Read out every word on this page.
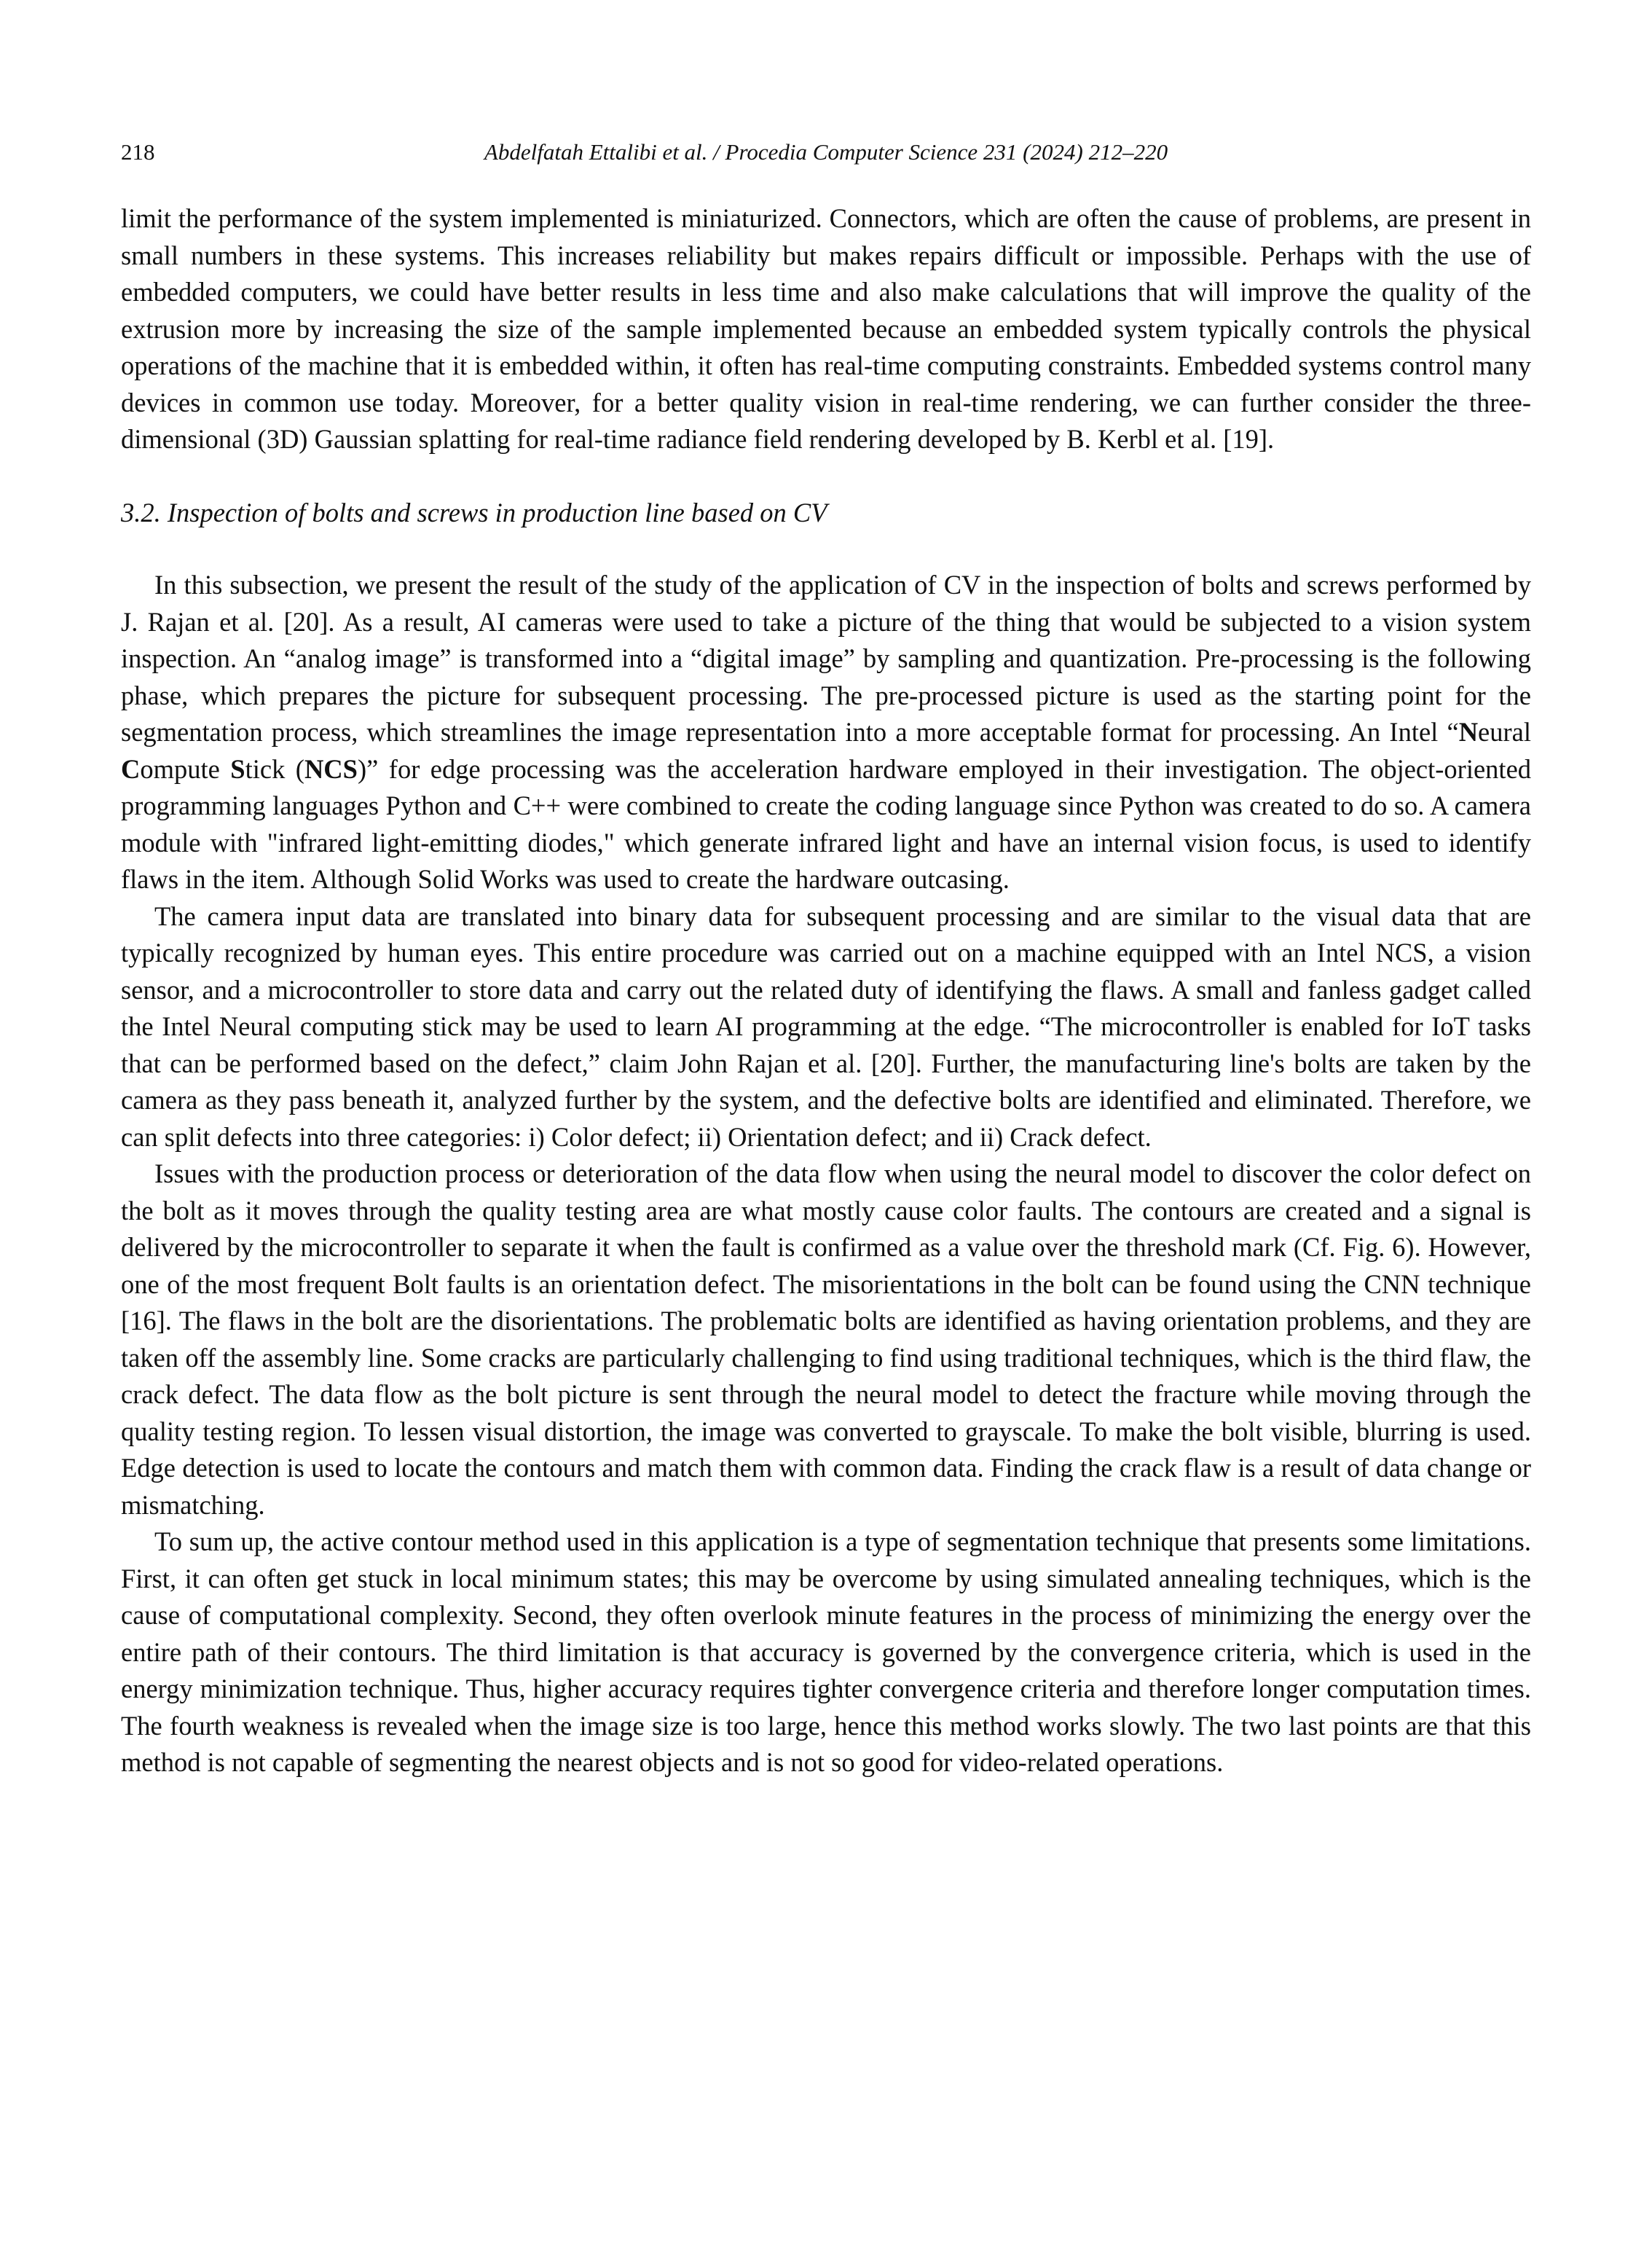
218	Abdelfatah Ettalibi et al. / Procedia Computer Science 231 (2024) 212–220

limit the performance of the system implemented is miniaturized. Connectors, which are often the cause of problems, are present in small numbers in these systems. This increases reliability but makes repairs difficult or impossible. Perhaps with the use of embedded computers, we could have better results in less time and also make calculations that will improve the quality of the extrusion more by increasing the size of the sample implemented because an embedded system typically controls the physical operations of the machine that it is embedded within, it often has real-time computing constraints. Embedded systems control many devices in common use today. Moreover, for a better quality vision in real-time rendering, we can further consider the three-dimensional (3D) Gaussian splatting for real-time radiance field rendering developed by B. Kerbl et al. [19].

3.2. Inspection of bolts and screws in production line based on CV

In this subsection, we present the result of the study of the application of CV in the inspection of bolts and screws performed by J. Rajan et al. [20]. As a result, AI cameras were used to take a picture of the thing that would be subjected to a vision system inspection. An “analog image” is transformed into a “digital image” by sampling and quantization. Pre-processing is the following phase, which prepares the picture for subsequent processing. The pre-processed picture is used as the starting point for the segmentation process, which streamlines the image representation into a more acceptable format for processing. An Intel “Neural Compute Stick (NCS)” for edge processing was the acceleration hardware employed in their investigation. The object-oriented programming languages Python and C++ were combined to create the coding language since Python was created to do so. A camera module with "infrared light-emitting diodes," which generate infrared light and have an internal vision focus, is used to identify flaws in the item. Although Solid Works was used to create the hardware outcasing.

The camera input data are translated into binary data for subsequent processing and are similar to the visual data that are typically recognized by human eyes. This entire procedure was carried out on a machine equipped with an Intel NCS, a vision sensor, and a microcontroller to store data and carry out the related duty of identifying the flaws. A small and fanless gadget called the Intel Neural computing stick may be used to learn AI programming at the edge. “The microcontroller is enabled for IoT tasks that can be performed based on the defect,” claim John Rajan et al. [20]. Further, the manufacturing line's bolts are taken by the camera as they pass beneath it, analyzed further by the system, and the defective bolts are identified and eliminated. Therefore, we can split defects into three categories: i) Color defect; ii) Orientation defect; and ii) Crack defect.

Issues with the production process or deterioration of the data flow when using the neural model to discover the color defect on the bolt as it moves through the quality testing area are what mostly cause color faults. The contours are created and a signal is delivered by the microcontroller to separate it when the fault is confirmed as a value over the threshold mark (Cf. Fig. 6). However, one of the most frequent Bolt faults is an orientation defect. The misorientations in the bolt can be found using the CNN technique [16]. The flaws in the bolt are the disorientations. The problematic bolts are identified as having orientation problems, and they are taken off the assembly line. Some cracks are particularly challenging to find using traditional techniques, which is the third flaw, the crack defect. The data flow as the bolt picture is sent through the neural model to detect the fracture while moving through the quality testing region. To lessen visual distortion, the image was converted to grayscale. To make the bolt visible, blurring is used. Edge detection is used to locate the contours and match them with common data. Finding the crack flaw is a result of data change or mismatching.

To sum up, the active contour method used in this application is a type of segmentation technique that presents some limitations. First, it can often get stuck in local minimum states; this may be overcome by using simulated annealing techniques, which is the cause of computational complexity. Second, they often overlook minute features in the process of minimizing the energy over the entire path of their contours. The third limitation is that accuracy is governed by the convergence criteria, which is used in the energy minimization technique. Thus, higher accuracy requires tighter convergence criteria and therefore longer computation times. The fourth weakness is revealed when the image size is too large, hence this method works slowly. The two last points are that this method is not capable of segmenting the nearest objects and is not so good for video-related operations.
